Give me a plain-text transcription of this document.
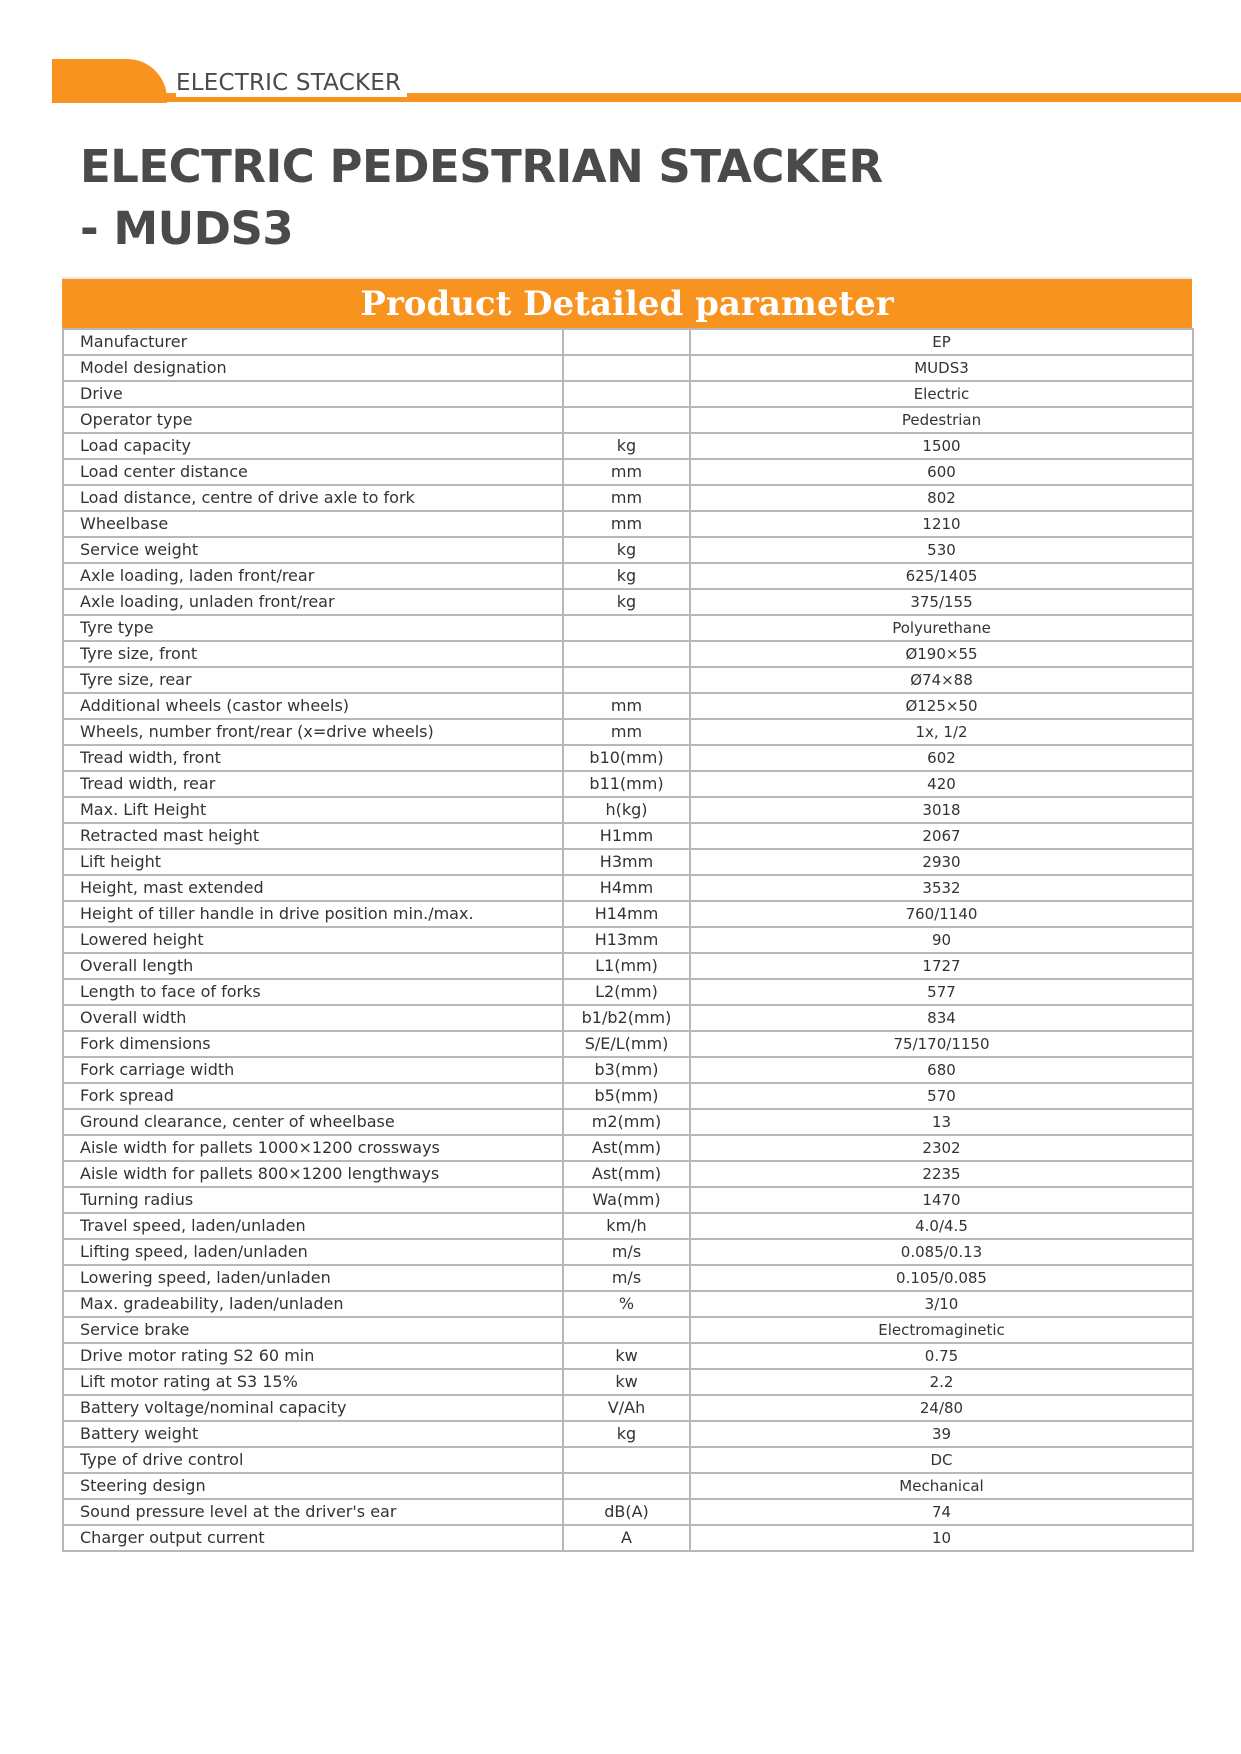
ELECTRIC STACKER
ELECTRIC PEDESTRIAN STACKER
- MUDS3
Product Detailed parameter
Manufacturer		EP
Model designation		MUDS3
Drive		Electric
Operator type		Pedestrian
Load capacity	kg	1500
Load center distance	mm	600
Load distance, centre of drive axle to fork	mm	802
Wheelbase	mm	1210
Service weight	kg	530
Axle loading, laden front/rear	kg	625/1405
Axle loading, unladen front/rear	kg	375/155
Tyre type		Polyurethane
Tyre size, front		Ø190×55
Tyre size, rear		Ø74×88
Additional wheels (castor wheels)	mm	Ø125×50
Wheels, number front/rear (x=drive wheels)	mm	1x, 1/2
Tread width, front	b10(mm)	602
Tread width, rear	b11(mm)	420
Max. Lift Height	h(kg)	3018
Retracted mast height	H1mm	2067
Lift height	H3mm	2930
Height, mast extended	H4mm	3532
Height of tiller handle in drive position min./max.	H14mm	760/1140
Lowered height	H13mm	90
Overall length	L1(mm)	1727
Length to face of forks	L2(mm)	577
Overall width	b1/b2(mm)	834
Fork dimensions	S/E/L(mm)	75/170/1150
Fork carriage width	b3(mm)	680
Fork spread	b5(mm)	570
Ground clearance, center of wheelbase	m2(mm)	13
Aisle width for pallets 1000×1200 crossways	Ast(mm)	2302
Aisle width for pallets 800×1200 lengthways	Ast(mm)	2235
Turning radius	Wa(mm)	1470
Travel speed, laden/unladen	km/h	4.0/4.5
Lifting speed, laden/unladen	m/s	0.085/0.13
Lowering speed, laden/unladen	m/s	0.105/0.085
Max. gradeability, laden/unladen	%	3/10
Service brake		Electromaginetic
Drive motor rating S2 60 min	kw	0.75
Lift motor rating at S3 15%	kw	2.2
Battery voltage/nominal capacity	V/Ah	24/80
Battery weight	kg	39
Type of drive control		DC
Steering design		Mechanical
Sound pressure level at the driver's ear	dB(A)	74
Charger output current	A	10
